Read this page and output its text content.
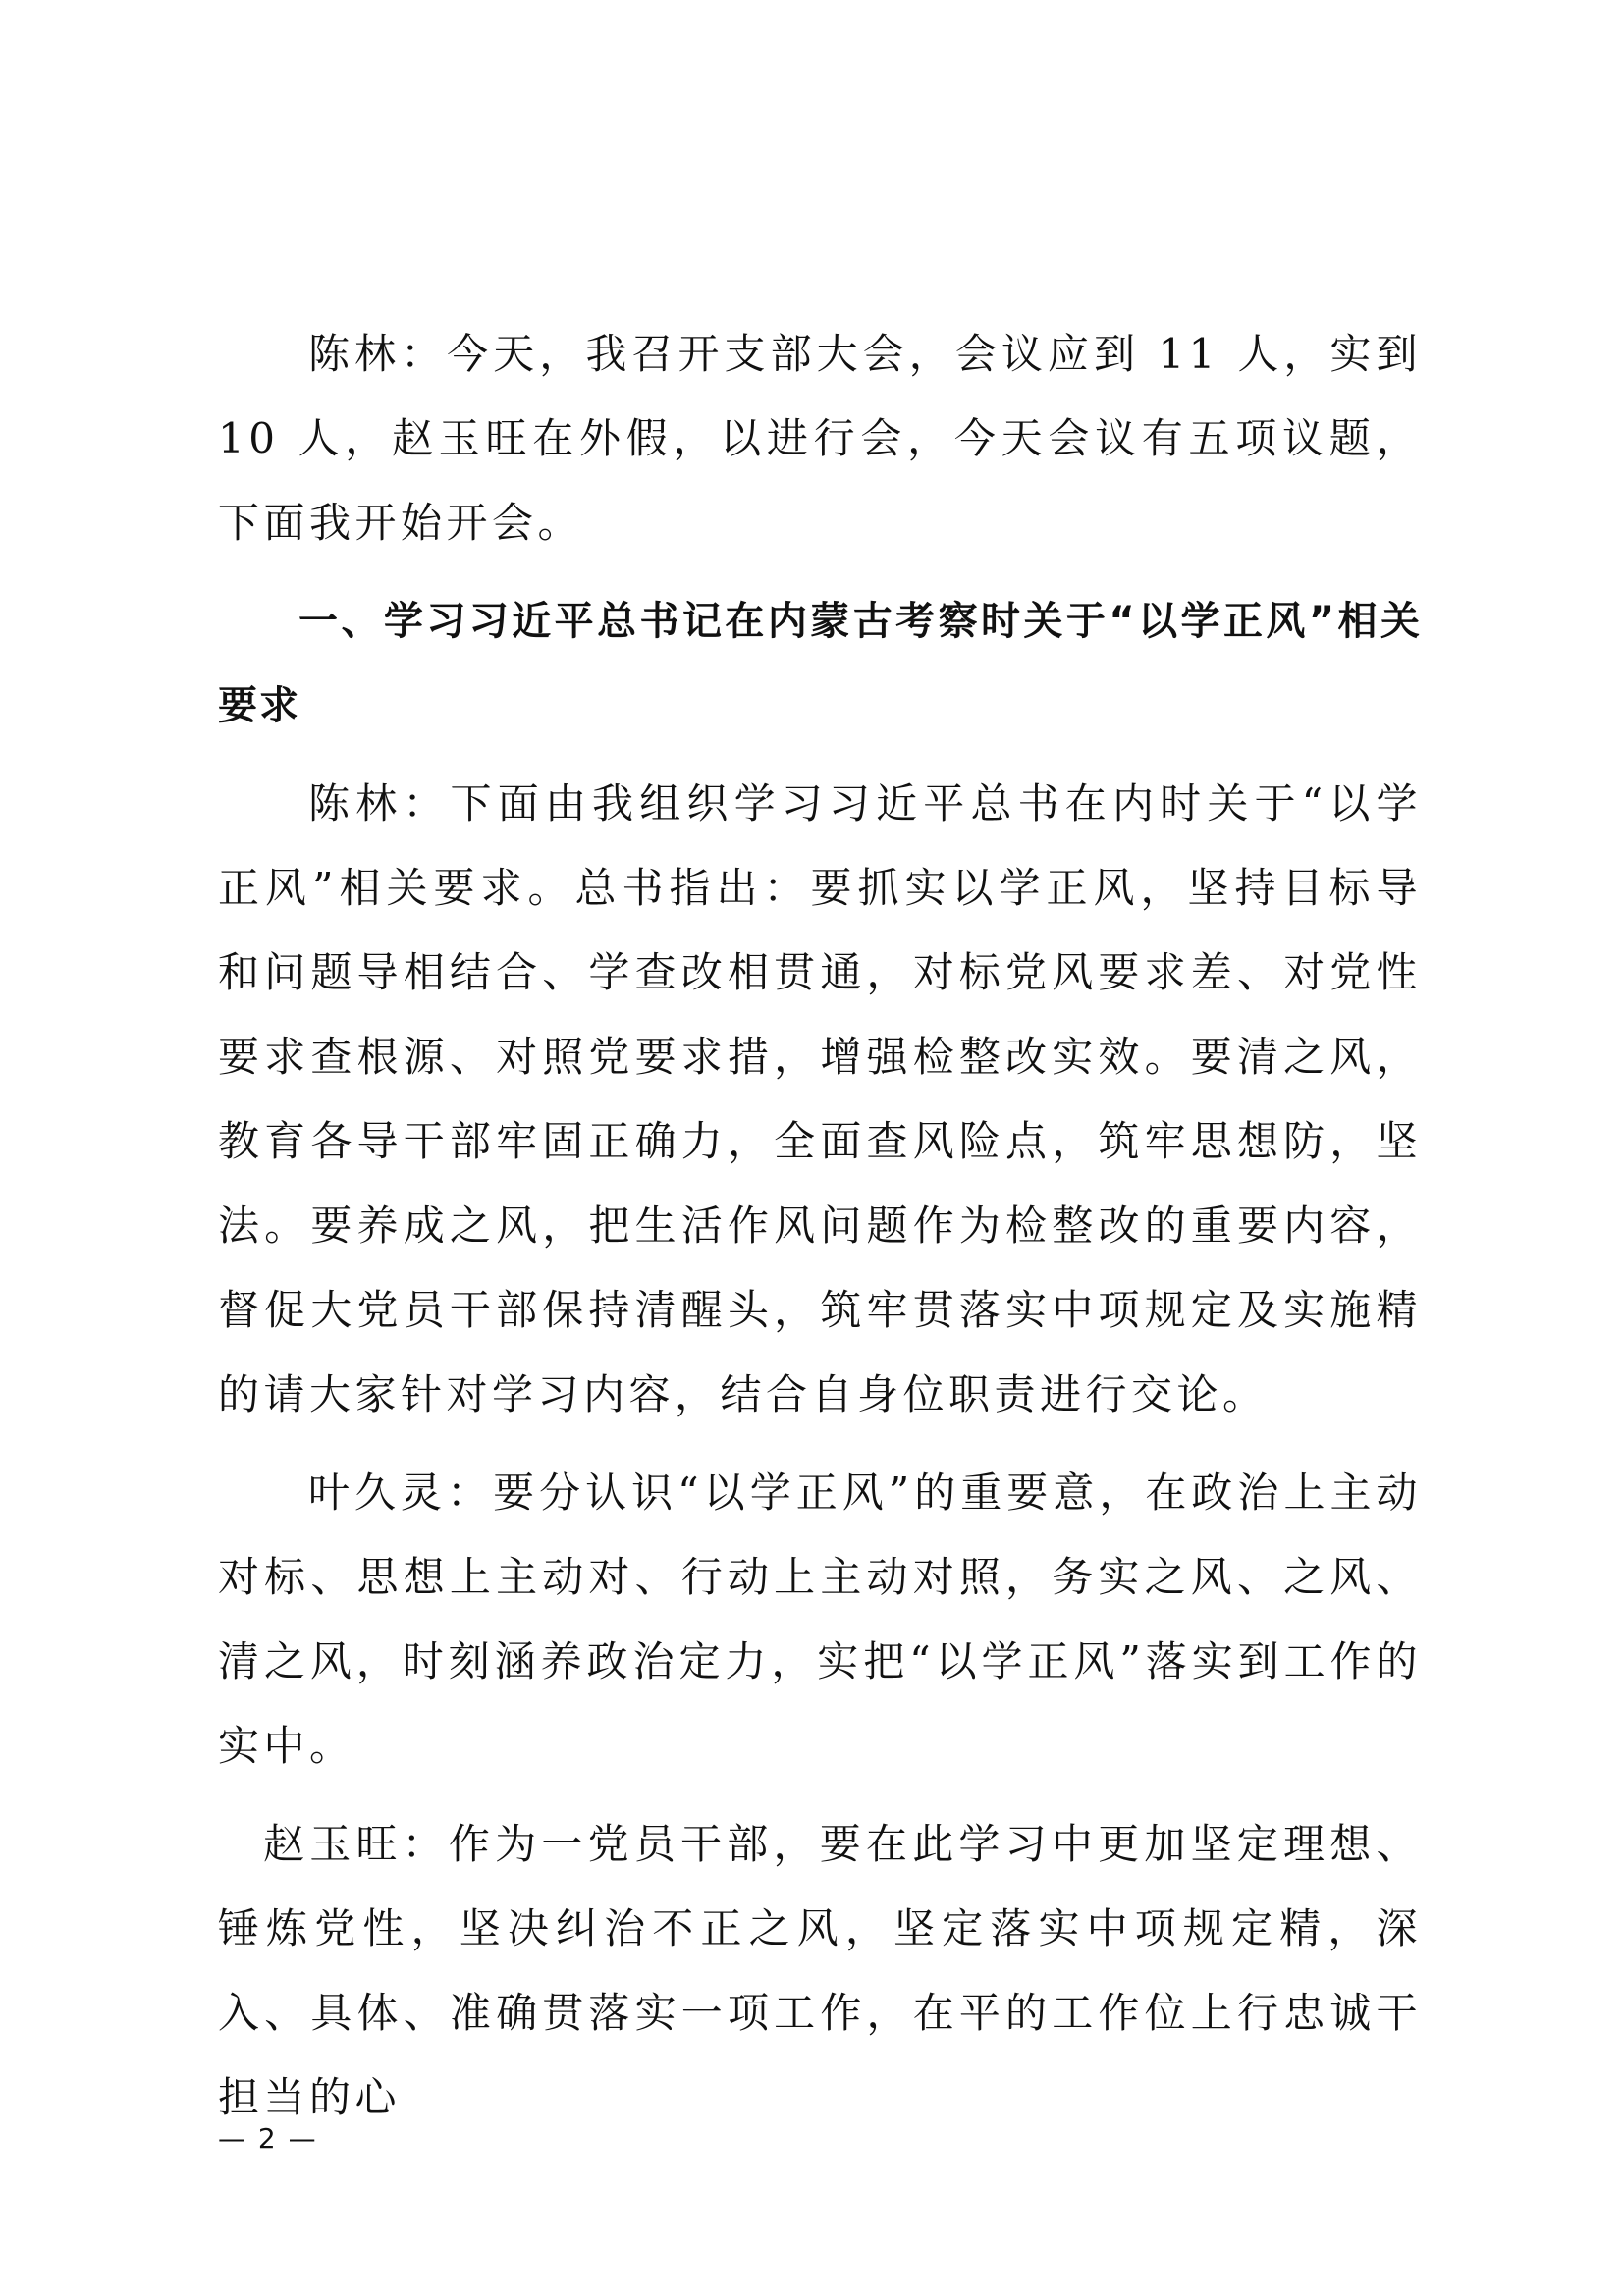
陈林：今天，我召开支部大会，会议应到 11 人，实到 10 人，赵玉旺在外假，以进行会，今天会议有五项议题，下面我开始开会。

一、学习习近平总书记在内蒙古考察时关于“以学正风”相关要求

陈林：下面由我组织学习习近平总书在内时关于“以学正风”相关要求。总书指出：要抓实以学正风，坚持目标导和问题导相结合、学查改相贯通，对标党风要求差、对党性要求查根源、对照党要求措，增强检整改实效。要清之风，教育各导干部牢固正确力，全面查风险点，筑牢思想防，坚法。要养成之风，把生活作风问题作为检整改的重要内容，督促大党员干部保持清醒头，筑牢贯落实中项规定及实施精的请大家针对学习内容，结合自身位职责进行交论。

叶久灵：要分认识“以学正风”的重要意，在政治上主动对标、思想上主动对、行动上主动对照，务实之风、之风、清之风，时刻涵养政治定力，实把“以学正风”落实到工作的实中。

赵玉旺：作为一党员干部，要在此学习中更加坚定理想、锤炼党性，坚决纠治不正之风，坚定落实中项规定精，深入、具体、准确贯落实一项工作，在平的工作位上行忠诚干担当的心

— 2 —
